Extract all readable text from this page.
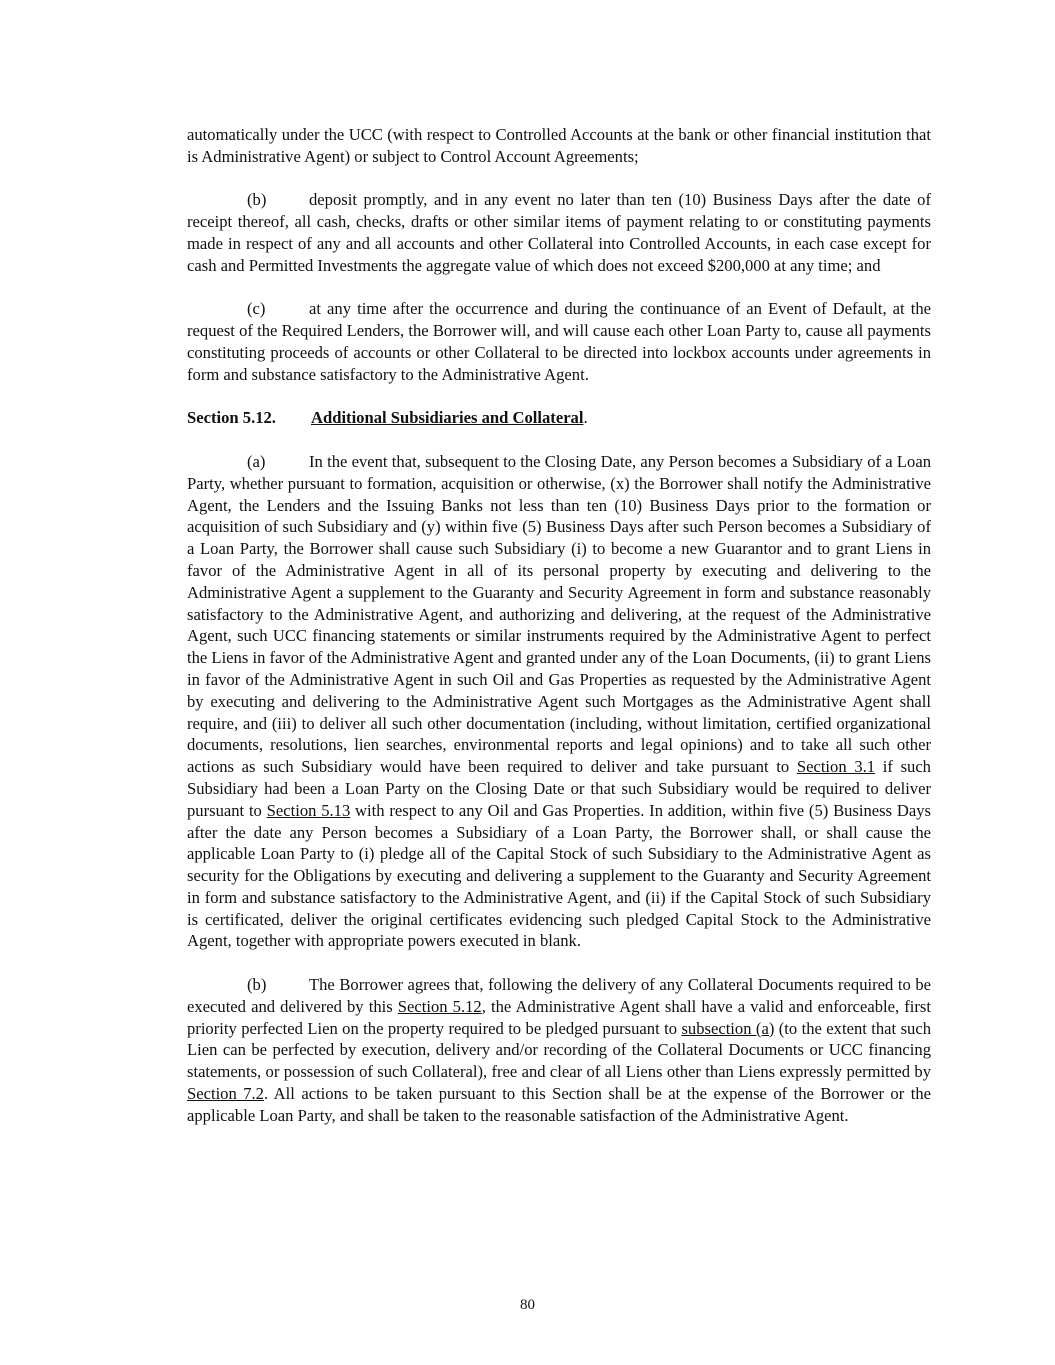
automatically under the UCC (with respect to Controlled Accounts at the bank or other financial institution that is Administrative Agent) or subject to Control Account Agreements;

(b)	deposit promptly, and in any event no later than ten (10) Business Days after the date of receipt thereof, all cash, checks, drafts or other similar items of payment relating to or constituting payments made in respect of any and all accounts and other Collateral into Controlled Accounts, in each case except for cash and Permitted Investments the aggregate value of which does not exceed $200,000 at any time; and

(c)	at any time after the occurrence and during the continuance of an Event of Default, at the request of the Required Lenders, the Borrower will, and will cause each other Loan Party to, cause all payments constituting proceeds of accounts or other Collateral to be directed into lockbox accounts under agreements in form and substance satisfactory to the Administrative Agent.

Section 5.12. Additional Subsidiaries and Collateral.

(a)	In the event that, subsequent to the Closing Date, any Person becomes a Subsidiary of a Loan Party, whether pursuant to formation, acquisition or otherwise, (x) the Borrower shall notify the Administrative Agent, the Lenders and the Issuing Banks not less than ten (10) Business Days prior to the formation or acquisition of such Subsidiary and (y) within five (5) Business Days after such Person becomes a Subsidiary of a Loan Party, the Borrower shall cause such Subsidiary (i) to become a new Guarantor and to grant Liens in favor of the Administrative Agent in all of its personal property by executing and delivering to the Administrative Agent a supplement to the Guaranty and Security Agreement in form and substance reasonably satisfactory to the Administrative Agent, and authorizing and delivering, at the request of the Administrative Agent, such UCC financing statements or similar instruments required by the Administrative Agent to perfect the Liens in favor of the Administrative Agent and granted under any of the Loan Documents, (ii) to grant Liens in favor of the Administrative Agent in such Oil and Gas Properties as requested by the Administrative Agent by executing and delivering to the Administrative Agent such Mortgages as the Administrative Agent shall require, and (iii) to deliver all such other documentation (including, without limitation, certified organizational documents, resolutions, lien searches, environmental reports and legal opinions) and to take all such other actions as such Subsidiary would have been required to deliver and take pursuant to Section 3.1 if such Subsidiary had been a Loan Party on the Closing Date or that such Subsidiary would be required to deliver pursuant to Section 5.13 with respect to any Oil and Gas Properties. In addition, within five (5) Business Days after the date any Person becomes a Subsidiary of a Loan Party, the Borrower shall, or shall cause the applicable Loan Party to (i) pledge all of the Capital Stock of such Subsidiary to the Administrative Agent as security for the Obligations by executing and delivering a supplement to the Guaranty and Security Agreement in form and substance satisfactory to the Administrative Agent, and (ii) if the Capital Stock of such Subsidiary is certificated, deliver the original certificates evidencing such pledged Capital Stock to the Administrative Agent, together with appropriate powers executed in blank.

(b)	The Borrower agrees that, following the delivery of any Collateral Documents required to be executed and delivered by this Section 5.12, the Administrative Agent shall have a valid and enforceable, first priority perfected Lien on the property required to be pledged pursuant to subsection (a) (to the extent that such Lien can be perfected by execution, delivery and/or recording of the Collateral Documents or UCC financing statements, or possession of such Collateral), free and clear of all Liens other than Liens expressly permitted by Section 7.2. All actions to be taken pursuant to this Section shall be at the expense of the Borrower or the applicable Loan Party, and shall be taken to the reasonable satisfaction of the Administrative Agent.

80
